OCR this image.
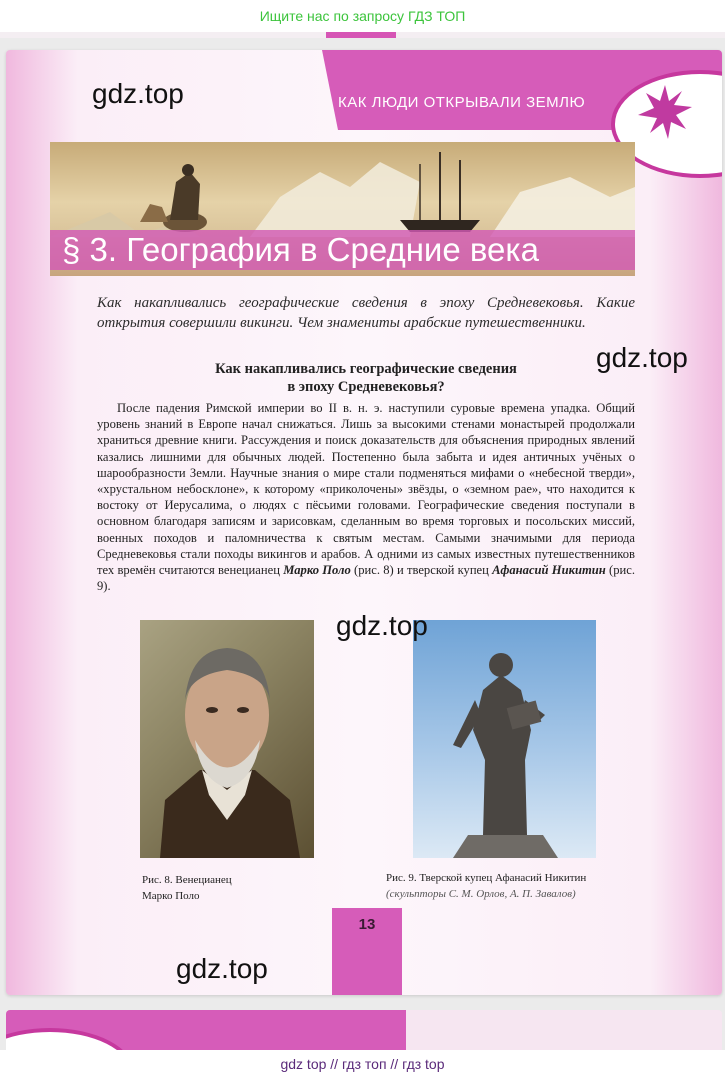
Ищите нас по запросу ГДЗ ТОП
КАК ЛЮДИ ОТКРЫВАЛИ ЗЕМЛЮ
§ 3. География в Средние века
Как накапливались географические сведения в эпоху Средневековья. Какие открытия совершили викинги. Чем знамениты арабские путешественники.
Как накапливались географические сведения
в эпоху Средневековья?

После падения Римской империи во II в. н. э. наступили суровые времена упадка. Общий уровень знаний в Европе начал снижаться. Лишь за высокими стенами монастырей продолжали храниться древние книги. Рассуждения и поиск доказательств для объяснения природных явлений казались лишними для обычных людей. Постепенно была забыта и идея античных учёных о шарообразности Земли. Научные знания о мире стали подменяться мифами о «небесной тверди», «хрустальном небосклоне», к которому «приколочены» звёзды, о «земном рае», что находится к востоку от Иерусалима, о людях с пёсьими головами. Географические сведения поступали в основном благодаря записям и зарисовкам, сделанным во время торговых и посольских миссий, военных походов и паломничества к святым местам. Самыми значимыми для периода Средневековья стали походы викингов и арабов. А одними из самых известных путешественников тех времён считаются венецианец Марко Поло (рис. 8) и тверской купец Афанасий Никитин (рис. 9).

Рис. 8. Венецианец
Марко Поло
Рис. 9. Тверской купец Афанасий Никитин
(скульпторы С. М. Орлов, А. П. Завалов)
13
gdz.top
gdz.top
gdz.top
gdz.top
gdz top // гдз топ // гдз top
